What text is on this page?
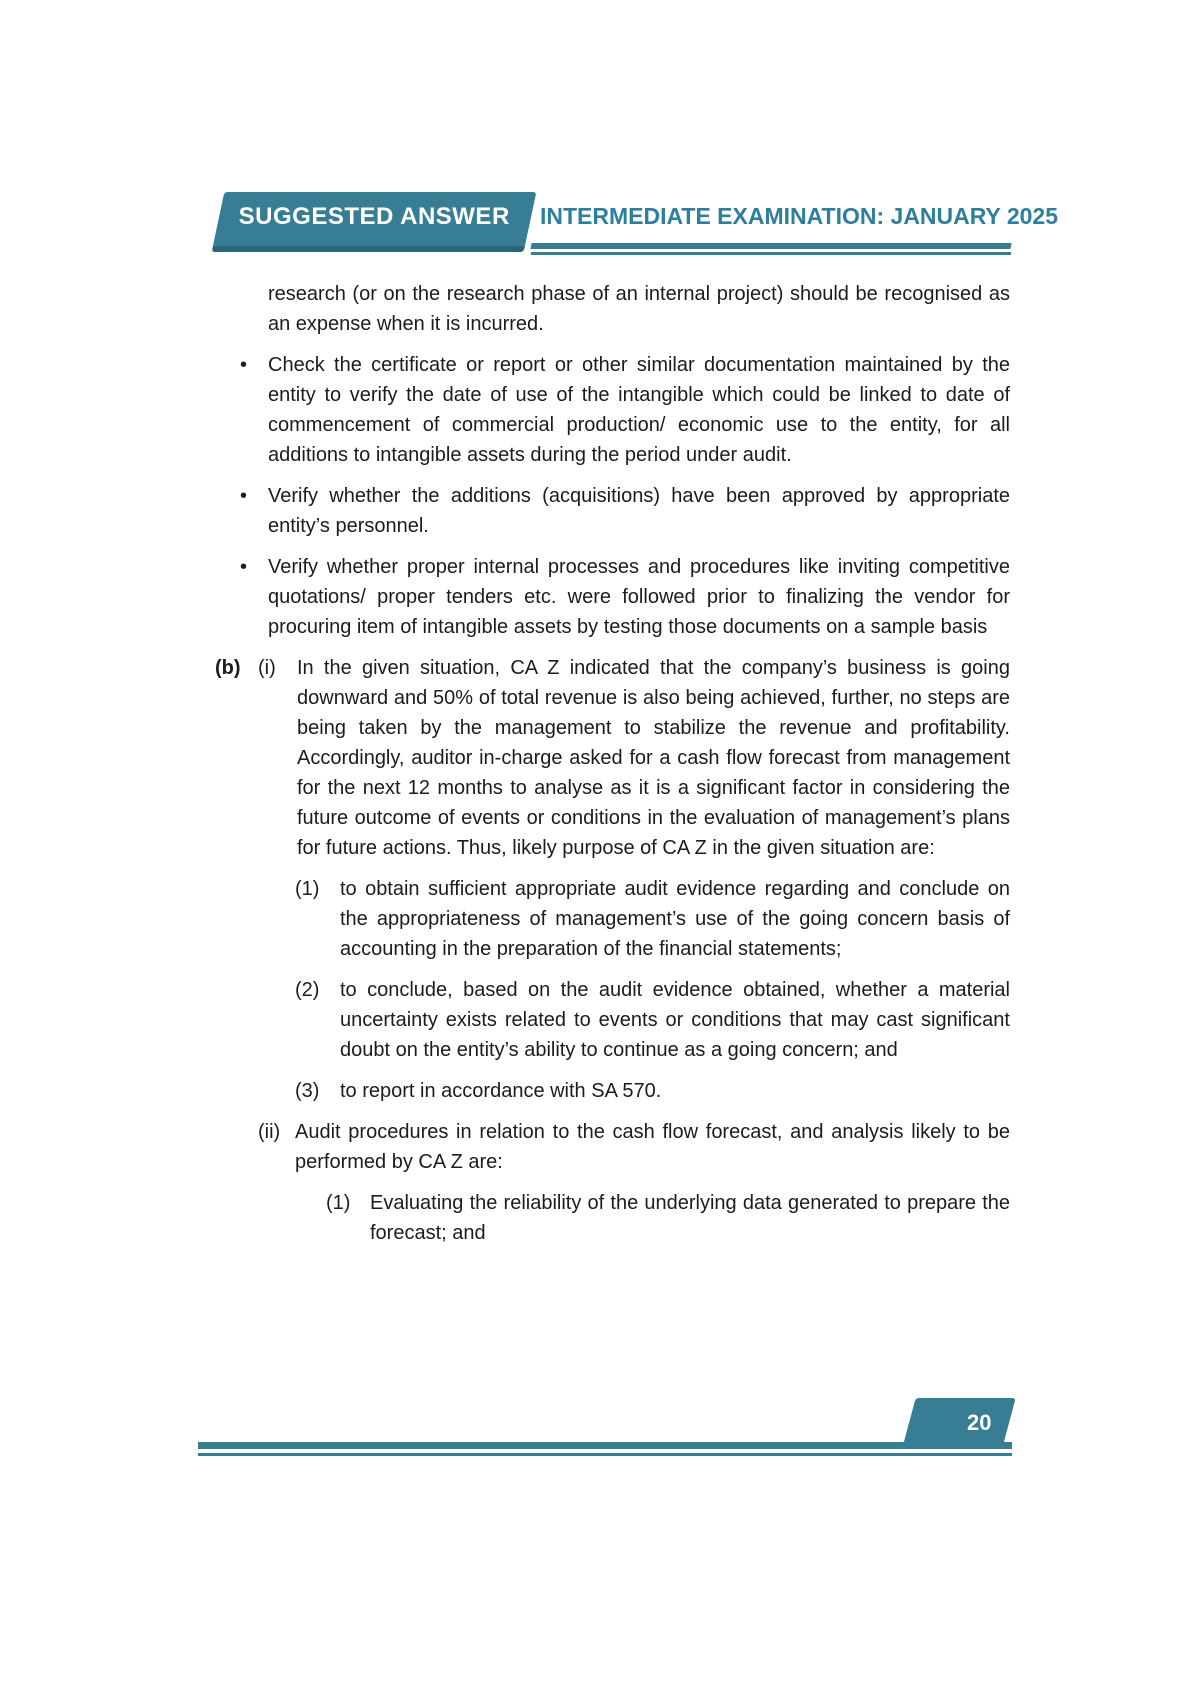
SUGGESTED ANSWER INTERMEDIATE EXAMINATION: JANUARY 2025
research (or on the research phase of an internal project) should be recognised as an expense when it is incurred.
•	Check the certificate or report or other similar documentation maintained by the entity to verify the date of use of the intangible which could be linked to date of commencement of commercial production/ economic use to the entity, for all additions to intangible assets during the period under audit.
•	Verify whether the additions (acquisitions) have been approved by appropriate entity’s personnel.
•	Verify whether proper internal processes and procedures like inviting competitive quotations/ proper tenders etc. were followed prior to finalizing the vendor for procuring item of intangible assets by testing those documents on a sample basis
(b) (i)	In the given situation, CA Z indicated that the company’s business is going downward and 50% of total revenue is also being achieved, further, no steps are being taken by the management to stabilize the revenue and profitability. Accordingly, auditor in-charge asked for a cash flow forecast from management for the next 12 months to analyse as it is a significant factor in considering the future outcome of events or conditions in the evaluation of management’s plans for future actions. Thus, likely purpose of CA Z in the given situation are:
(1)	to obtain sufficient appropriate audit evidence regarding and conclude on the appropriateness of management’s use of the going concern basis of accounting in the preparation of the financial statements;
(2)	to conclude, based on the audit evidence obtained, whether a material uncertainty exists related to events or conditions that may cast significant doubt on the entity’s ability to continue as a going concern; and
(3)	to report in accordance with SA 570.
(ii) Audit procedures in relation to the cash flow forecast, and analysis likely to be performed by CA Z are:
(1) Evaluating the reliability of the underlying data generated to prepare the forecast; and
20
